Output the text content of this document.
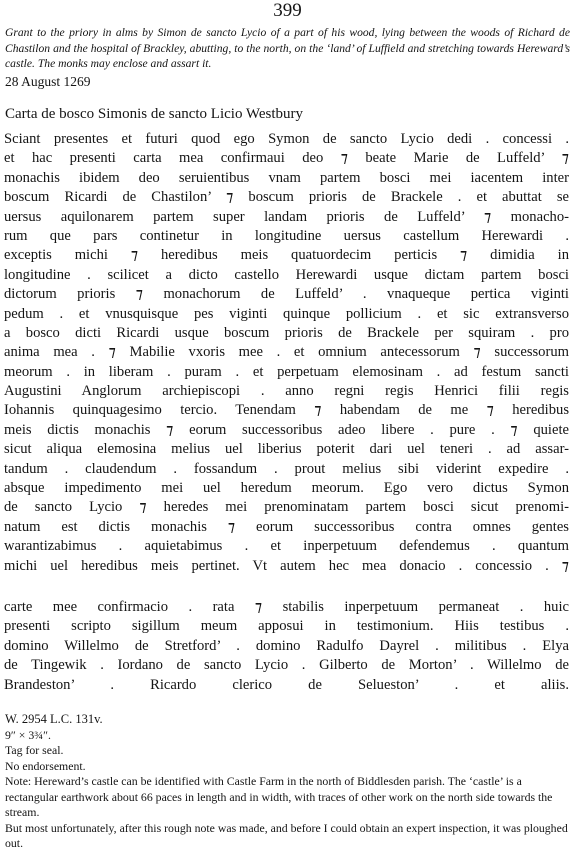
399
Grant to the priory in alms by Simon de sancto Lycio of a part of his wood, lying between the woods of Richard de Chastilon and the hospital of Brackley, abutting, to the north, on the ‘land’ of Luffield and stretching towards Hereward’s castle. The monks may enclose and assart it.
28 August 1269
Carta de bosco Simonis de sancto Licio Westbury
Sciant presentes et futuri quod ego Symon de sancto Lycio dedi . concessi .
et hac presenti carta mea confirmaui deo ⁊ beate Marie de Luffeld’ ⁊
monachis ibidem deo seruientibus vnam partem bosci mei iacentem inter
boscum Ricardi de Chastilon’ ⁊ boscum prioris de Brackele . et abuttat se
uersus aquilonarem partem super landam prioris de Luffeld’ ⁊ monacho-
rum que pars continetur in longitudine uersus castellum Herewardi .
exceptis michi ⁊ heredibus meis quatuordecim perticis ⁊ dimidia in
longitudine . scilicet a dicto castello Herewardi usque dictam partem bosci
dictorum prioris ⁊ monachorum de Luffeld’ . vnaqueque pertica viginti
pedum . et vnusquisque pes viginti quinque pollicium . et sic extransverso
a bosco dicti Ricardi usque boscum prioris de Brackele per squiram . pro
anima mea . ⁊ Mabilie vxoris mee . et omnium antecessorum ⁊ successorum
meorum . in liberam . puram . et perpetuam elemosinam . ad festum sancti
Augustini Anglorum archiepiscopi . anno regni regis Henrici filii regis
Iohannis quinquagesimo tercio. Tenendam ⁊ habendam de me ⁊ heredibus
meis dictis monachis ⁊ eorum successoribus adeo libere . pure . ⁊ quiete
sicut aliqua elemosina melius uel liberius poterit dari uel teneri . ad assar-
tandum . claudendum . fossandum . prout melius sibi viderint expedire .
absque impedimento mei uel heredum meorum. Ego vero dictus Symon
de sancto Lycio ⁊ heredes mei prenominatam partem bosci sicut prenomi-
natum est dictis monachis ⁊ eorum successoribus contra omnes gentes
warantizabimus . aquietabimus . et inperpetuum defendemus . quantum
michi uel heredibus meis pertinet. Vt autem hec mea donacio . concessio . ⁊
carte mee confirmacio . rata ⁊ stabilis inperpetuum permaneat . huic
presenti scripto sigillum meum apposui in testimonium. Hiis testibus .
domino Willelmo de Stretford’ . domino Radulfo Dayrel . militibus . Elya
de Tingewik . Iordano de sancto Lycio . Gilberto de Morton’ . Willelmo de
Brandeston’ . Ricardo clerico de Selueston’ . et aliis.

W. 2954 L.C. 131v.

9″ × 3¾″.

Tag for seal.

No endorsement.

Note: Hereward’s castle can be identified with Castle Farm in the north of Biddlesden parish. The ‘castle’ is a rectangular earthwork about 66 paces in length and in width, with traces of other work on the north side towards the stream.

But most unfortunately, after this rough note was made, and before I could obtain an expert inspection, it was ploughed out.
